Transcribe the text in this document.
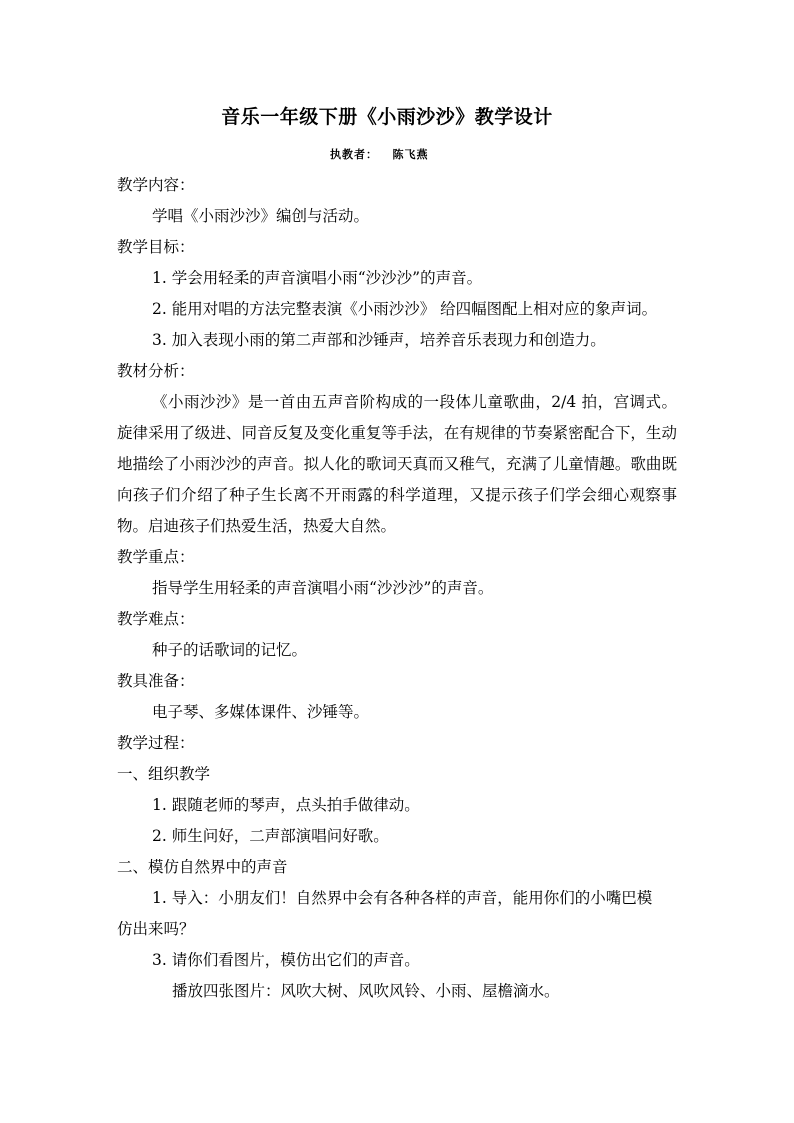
音乐一年级下册《小雨沙沙》教学设计
执教者：   陈飞燕
教学内容：
学唱《小雨沙沙》编创与活动。
教学目标：
1. 学会用轻柔的声音演唱小雨“沙沙沙”的声音。
2. 能用对唱的方法完整表演《小雨沙沙》 给四幅图配上相对应的象声词。
3. 加入表现小雨的第二声部和沙锤声，培养音乐表现力和创造力。
教材分析：
《小雨沙沙》是一首由五声音阶构成的一段体儿童歌曲，2/4 拍，宫调式。旋律采用了级进、同音反复及变化重复等手法，在有规律的节奏紧密配合下，生动地描绘了小雨沙沙的声音。拟人化的歌词天真而又稚气，充满了儿童情趣。歌曲既向孩子们介绍了种子生长离不开雨露的科学道理，又提示孩子们学会细心观察事物。启迪孩子们热爱生活，热爱大自然。
教学重点：
指导学生用轻柔的声音演唱小雨“沙沙沙”的声音。
教学难点：
种子的话歌词的记忆。
教具准备：
电子琴、多媒体课件、沙锤等。
教学过程：
一、组织教学
1. 跟随老师的琴声，点头拍手做律动。
2. 师生问好，二声部演唱问好歌。
二、模仿自然界中的声音
1. 导入：小朋友们！自然界中会有各种各样的声音，能用你们的小嘴巴模
仿出来吗？
3. 请你们看图片，模仿出它们的声音。
播放四张图片：风吹大树、风吹风铃、小雨、屋檐滴水。
